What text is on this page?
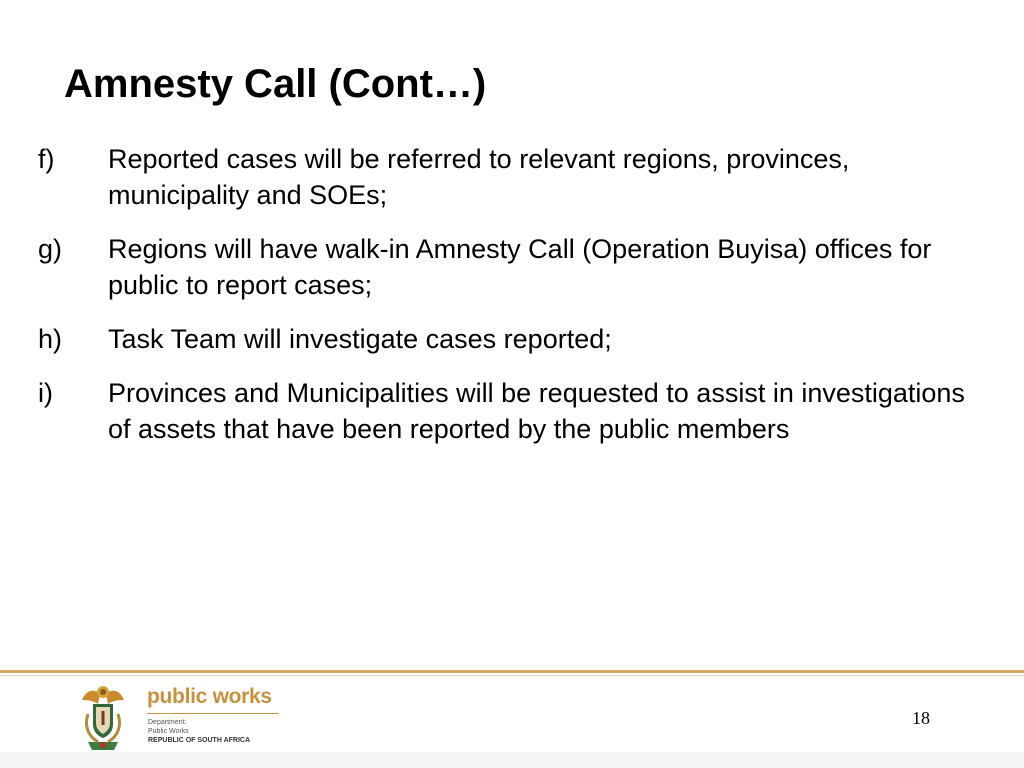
Amnesty Call (Cont…)
f) Reported cases will be referred to relevant regions, provinces, municipality and SOEs;
g) Regions will have walk-in Amnesty Call (Operation Buyisa) offices for public to report cases;
h) Task Team will investigate cases reported;
i) Provinces and Municipalities will be requested to assist in investigations of assets that have been reported by the public members
public works
Department:
Public Works
REPUBLIC OF SOUTH AFRICA
18
